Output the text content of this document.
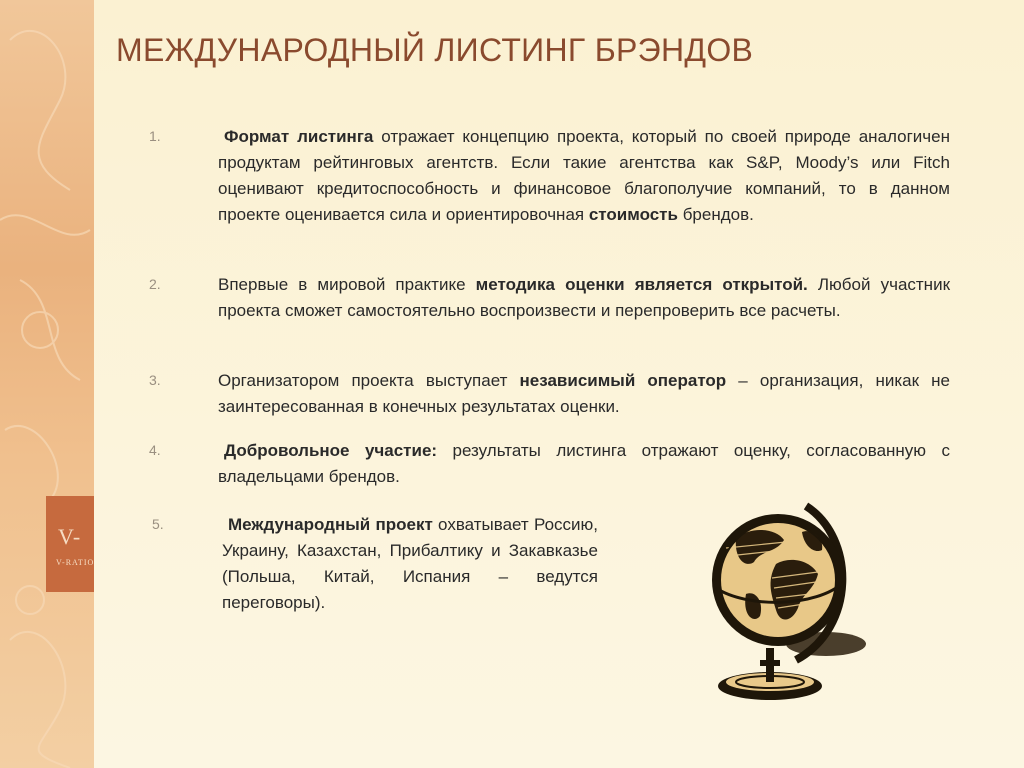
V-
V-RATIO
МЕЖДУНАРОДНЫЙ ЛИСТИНГ БРЭНДОВ
1.	Формат листинга отражает концепцию проекта, который по своей природе аналогичен продуктам рейтинговых агентств. Если такие агентства как S&P, Moody’s или Fitch оценивают кредитоспособность и финансовое благополучие компаний, то в данном проекте оценивается сила и ориентировочная стоимость брендов.
2.	Впервые в мировой практике методика оценки является открытой. Любой участник проекта сможет самостоятельно воспроизвести и перепроверить все расчеты.
3.	Организатором проекта выступает независимый оператор – организация, никак не заинтересованная в конечных результатах оценки.
4.	Добровольное участие: результаты листинга отражают оценку, согласованную с владельцами брендов.
5.	Международный проект охватывает Россию, Украину, Казахстан, Прибалтику и Закавказье (Польша, Китай, Испания – ведутся переговоры).
